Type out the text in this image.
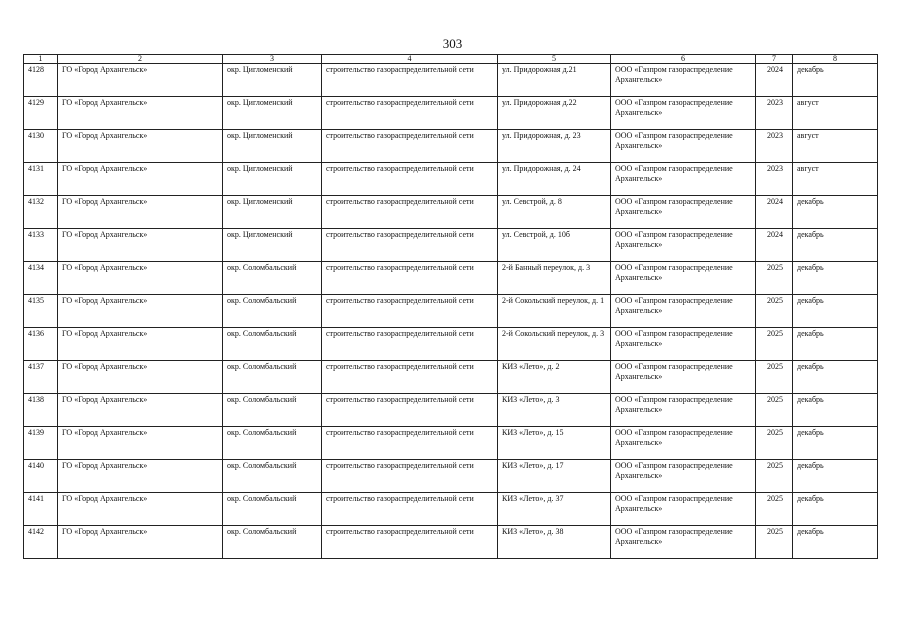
303
1	2	3	4	5	6	7	8
4128	ГО «Город Архангельск»	окр. Цигломенский	строительство газораспределительной сети	ул. Придорожная д.21	ООО «Газпром газораспределение Архангельск»	2024	декабрь
4129	ГО «Город Архангельск»	окр. Цигломенский	строительство газораспределительной сети	ул. Придорожная д.22	ООО «Газпром газораспределение Архангельск»	2023	август
4130	ГО «Город Архангельск»	окр. Цигломенский	строительство газораспределительной сети	ул. Придорожная, д. 23	ООО «Газпром газораспределение Архангельск»	2023	август
4131	ГО «Город Архангельск»	окр. Цигломенский	строительство газораспределительной сети	ул. Придорожная, д. 24	ООО «Газпром газораспределение Архангельск»	2023	август
4132	ГО «Город Архангельск»	окр. Цигломенский	строительство газораспределительной сети	ул. Севстрой, д. 8	ООО «Газпром газораспределение Архангельск»	2024	декабрь
4133	ГО «Город Архангельск»	окр. Цигломенский	строительство газораспределительной сети	ул. Севстрой, д. 10б	ООО «Газпром газораспределение Архангельск»	2024	декабрь
4134	ГО «Город Архангельск»	окр. Соломбальский	строительство газораспределительной сети	2-й Банный переулок, д. 3	ООО «Газпром газораспределение Архангельск»	2025	декабрь
4135	ГО «Город Архангельск»	окр. Соломбальский	строительство газораспределительной сети	2-й Сокольский переулок, д. 1	ООО «Газпром газораспределение Архангельск»	2025	декабрь
4136	ГО «Город Архангельск»	окр. Соломбальский	строительство газораспределительной сети	2-й Сокольский переулок, д. 3	ООО «Газпром газораспределение Архангельск»	2025	декабрь
4137	ГО «Город Архангельск»	окр. Соломбальский	строительство газораспределительной сети	КИЗ «Лето», д. 2	ООО «Газпром газораспределение Архангельск»	2025	декабрь
4138	ГО «Город Архангельск»	окр. Соломбальский	строительство газораспределительной сети	КИЗ «Лето», д. 3	ООО «Газпром газораспределение Архангельск»	2025	декабрь
4139	ГО «Город Архангельск»	окр. Соломбальский	строительство газораспределительной сети	КИЗ «Лето», д. 15	ООО «Газпром газораспределение Архангельск»	2025	декабрь
4140	ГО «Город Архангельск»	окр. Соломбальский	строительство газораспределительной сети	КИЗ «Лето», д. 17	ООО «Газпром газораспределение Архангельск»	2025	декабрь
4141	ГО «Город Архангельск»	окр. Соломбальский	строительство газораспределительной сети	КИЗ «Лето», д. 37	ООО «Газпром газораспределение Архангельск»	2025	декабрь
4142	ГО «Город Архангельск»	окр. Соломбальский	строительство газораспределительной сети	КИЗ «Лето», д. 38	ООО «Газпром газораспределение Архангельск»	2025	декабрь
